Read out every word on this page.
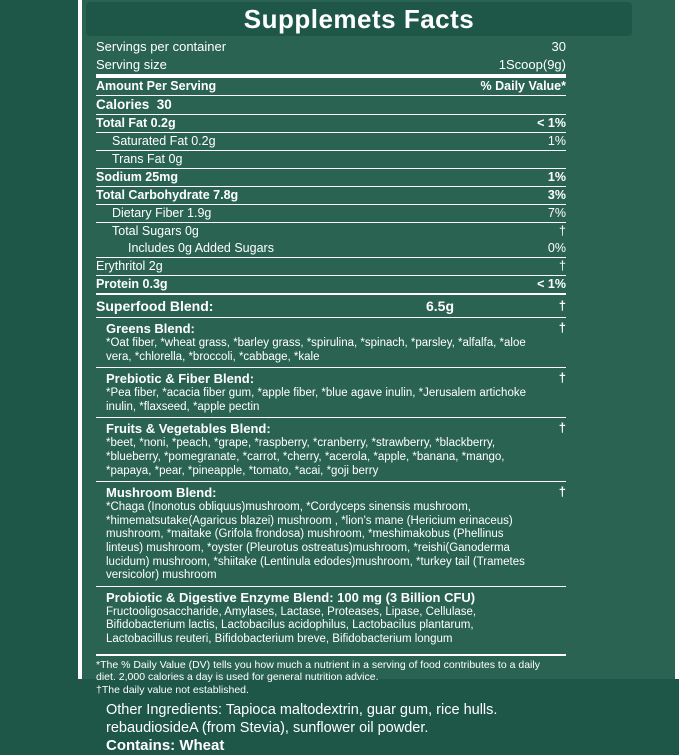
Supplemets Facts
Servings per container	30
Serving size	1Scoop(9g)
Amount Per Serving	% Daily Value*
Calories 30
Total Fat 0.2g	< 1%
Saturated Fat 0.2g	1%
Trans Fat 0g
Sodium 25mg	1%
Total Carbohydrate 7.8g	3%
Dietary Fiber 1.9g	7%
Total Sugars 0g	†
Includes 0g Added Sugars	0%
Erythritol 2g	†
Protein 0.3g	< 1%
Superfood Blend:	6.5g	†
Greens Blend:	†
*Oat fiber, *wheat grass, *barley grass, *spirulina, *spinach, *parsley, *alfalfa, *aloe vera, *chlorella, *broccoli, *cabbage, *kale
Prebiotic & Fiber Blend:	†
*Pea fiber, *acacia fiber gum, *apple fiber, *blue agave inulin, *Jerusalem artichoke inulin, *flaxseed, *apple pectin
Fruits & Vegetables Blend:	†
*beet, *noni, *peach, *grape, *raspberry, *cranberry, *strawberry, *blackberry, *blueberry, *pomegranate, *carrot, *cherry, *acerola, *apple, *banana, *mango, *papaya, *pear, *pineapple, *tomato, *acai, *goji berry
Mushroom Blend:	†
*Chaga (Inonotus obliquus)mushroom, *Cordyceps sinensis mushroom, *himematsutake(Agaricus blazei) mushroom , *lion's mane (Hericium erinaceus) mushroom, *maitake (Grifola frondosa) mushroom, *meshimakobus (Phellinus linteus) mushroom, *oyster (Pleurotus ostreatus)mushroom, *reishi(Ganoderma lucidum) mushroom, *shiitake (Lentinula edodes)mushroom, *turkey tail (Trametes versicolor) mushroom
Probiotic & Digestive Enzyme Blend: 100 mg (3 Billion CFU)
Fructooligosaccharide, Amylases, Lactase, Proteases, Lipase, Cellulase, Bifidobacterium lactis, Lactobacilus acidophilus, Lactobacilus plantarum, Lactobacillus reuteri, Bifidobacterium breve, Bifidobacterium longum
*The % Daily Value (DV) tells you how much a nutrient in a serving of food contributes to a daily diet. 2,000 calories a day is used for general nutrition advice.
†The daily value not established.
Other Ingredients: Tapioca maltodextrin, guar gum, rice hulls. rebaudiosideA (from Stevia), sunflower oil powder.
Contains: Wheat
